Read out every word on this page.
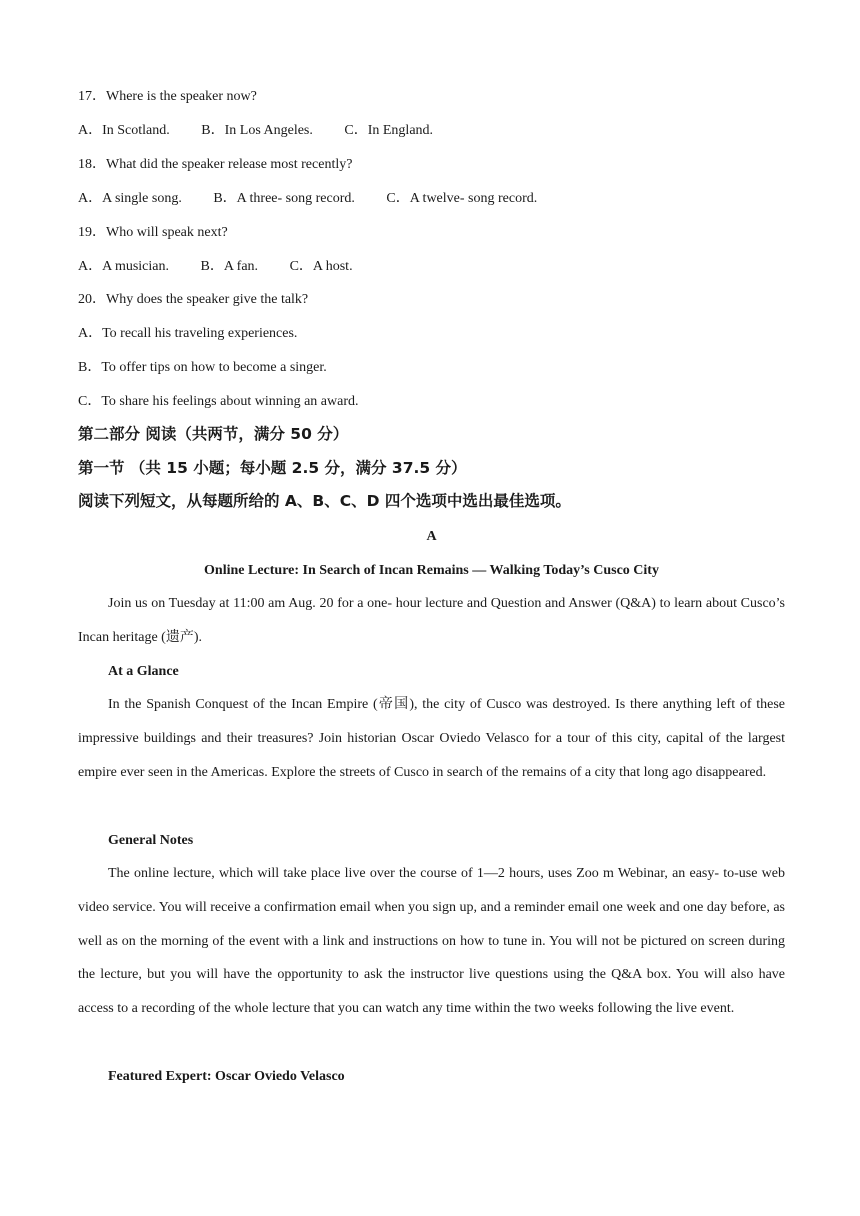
17．Where is the speaker now?
A．In Scotland. B．In Los Angeles. C．In England.
18．What did the speaker release most recently?
A．A single song. B．A three- song record. C．A twelve- song record.
19．Who will speak next?
A．A musician. B．A fan. C．A host.
20．Why does the speaker give the talk?
A．To recall his traveling experiences.
B．To offer tips on how to become a singer.
C．To share his feelings about winning an award.
第二部分 阅读（共两节，满分 50 分）
第一节 （共 15 小题；每小题 2.5 分，满分 37.5 分）
阅读下列短文，从每题所给的 A、B、C、D 四个选项中选出最佳选项。
A
Online Lecture: In Search of Incan Remains — Walking Today’s Cusco City
Join us on Tuesday at 11:00 am Aug. 20 for a one- hour lecture and Question and Answer (Q&A) to learn about Cusco’s Incan heritage (遗产).
At a Glance
In the Spanish Conquest of the Incan Empire (帝国), the city of Cusco was destroyed. Is there anything left of these impressive buildings and their treasures? Join historian Oscar Oviedo Velasco for a tour of this city, capital of the largest empire ever seen in the Americas. Explore the streets of Cusco in search of the remains of a city that long ago disappeared.
General Notes
The online lecture, which will take place live over the course of 1—2 hours, uses Zoo m Webinar, an easy- to-use web video service. You will receive a confirmation email when you sign up, and a reminder email one week and one day before, as well as on the morning of the event with a link and instructions on how to tune in. You will not be pictured on screen during the lecture, but you will have the opportunity to ask the instructor live questions using the Q&A box. You will also have access to a recording of the whole lecture that you can watch any time within the two weeks following the live event.
Featured Expert: Oscar Oviedo Velasco
